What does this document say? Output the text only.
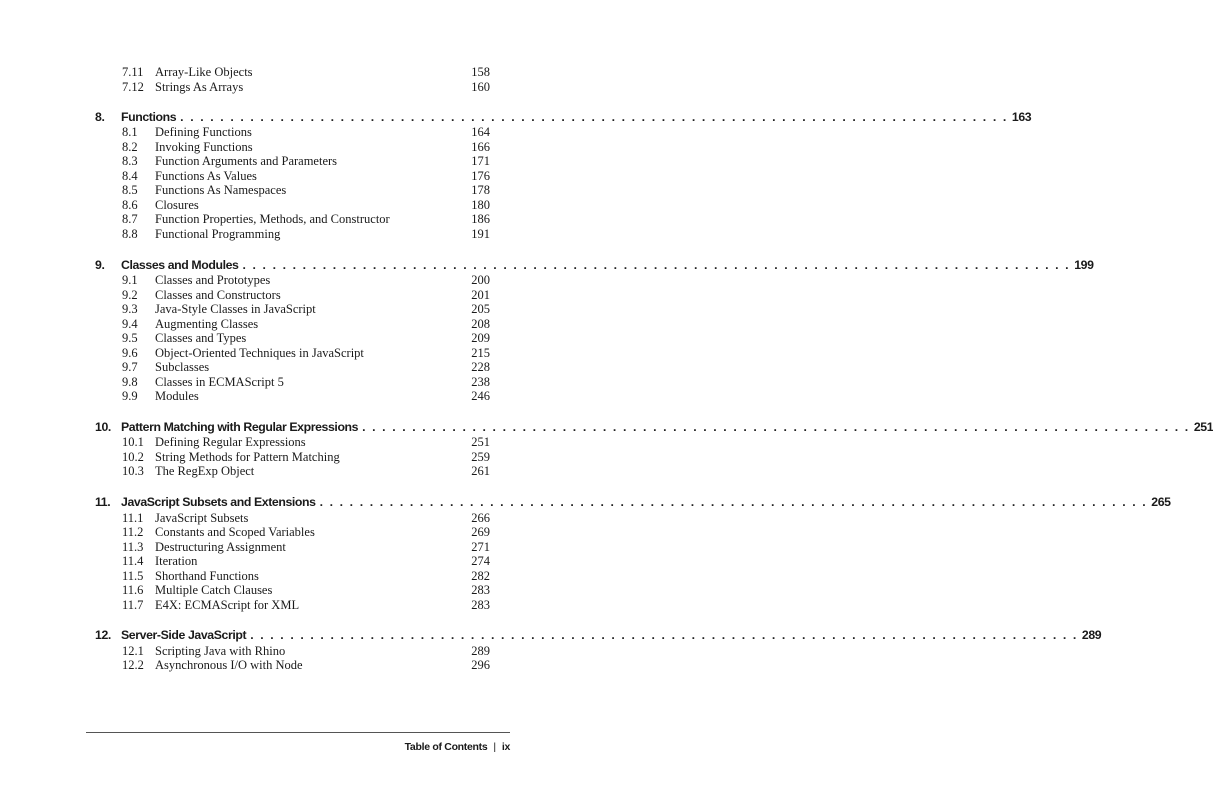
7.11 Array-Like Objects	158
7.12 Strings As Arrays	160
8.	Functions . . . . . . . . . . . . . . . . . . . . . . . . . . . . . . . . . . . . . . . . . . . . . . . . . . . . . . . . . . . . . . . . . . . . . . . . . . . . . . . . . . . 163
8.1 Defining Functions	164
8.2 Invoking Functions	166
8.3 Function Arguments and Parameters	171
8.4 Functions As Values	176
8.5 Functions As Namespaces	178
8.6 Closures	180
8.7 Function Properties, Methods, and Constructor	186
8.8 Functional Programming	191
9.	Classes and Modules . . . . . . . . . . . . . . . . . . . . . . . . . . . . . . . . . . . . . . . . . . . . . . . . . . . . . . . . . . . . . . . . . . . . . . . . . . . . . . . . . . . 199
9.1 Classes and Prototypes	200
9.2 Classes and Constructors	201
9.3 Java-Style Classes in JavaScript	205
9.4 Augmenting Classes	208
9.5 Classes and Types	209
9.6 Object-Oriented Techniques in JavaScript	215
9.7 Subclasses	228
9.8 Classes in ECMAScript 5	238
9.9 Modules	246
10. Pattern Matching with Regular Expressions . . . . . . . . . . . . . . . . . . . . . . . . . . . . . . . . . . . . . . . . . . . . . . . . . . . . . . . . . . . . . . . . . . . . . . . . . . . . . . . . . . . 251
10.1 Defining Regular Expressions	251
10.2 String Methods for Pattern Matching	259
10.3 The RegExp Object	261
11. JavaScript Subsets and Extensions . . . . . . . . . . . . . . . . . . . . . . . . . . . . . . . . . . . . . . . . . . . . . . . . . . . . . . . . . . . . . . . . . . . . . . . . . . . . . . . . . . . 265
11.1 JavaScript Subsets	266
11.2 Constants and Scoped Variables	269
11.3 Destructuring Assignment	271
11.4 Iteration	274
11.5 Shorthand Functions	282
11.6 Multiple Catch Clauses	283
11.7 E4X: ECMAScript for XML	283
12. Server-Side JavaScript . . . . . . . . . . . . . . . . . . . . . . . . . . . . . . . . . . . . . . . . . . . . . . . . . . . . . . . . . . . . . . . . . . . . . . . . . . . . . . . . . . . 289
12.1 Scripting Java with Rhino	289
12.2 Asynchronous I/O with Node	296
Table of Contents | ix
